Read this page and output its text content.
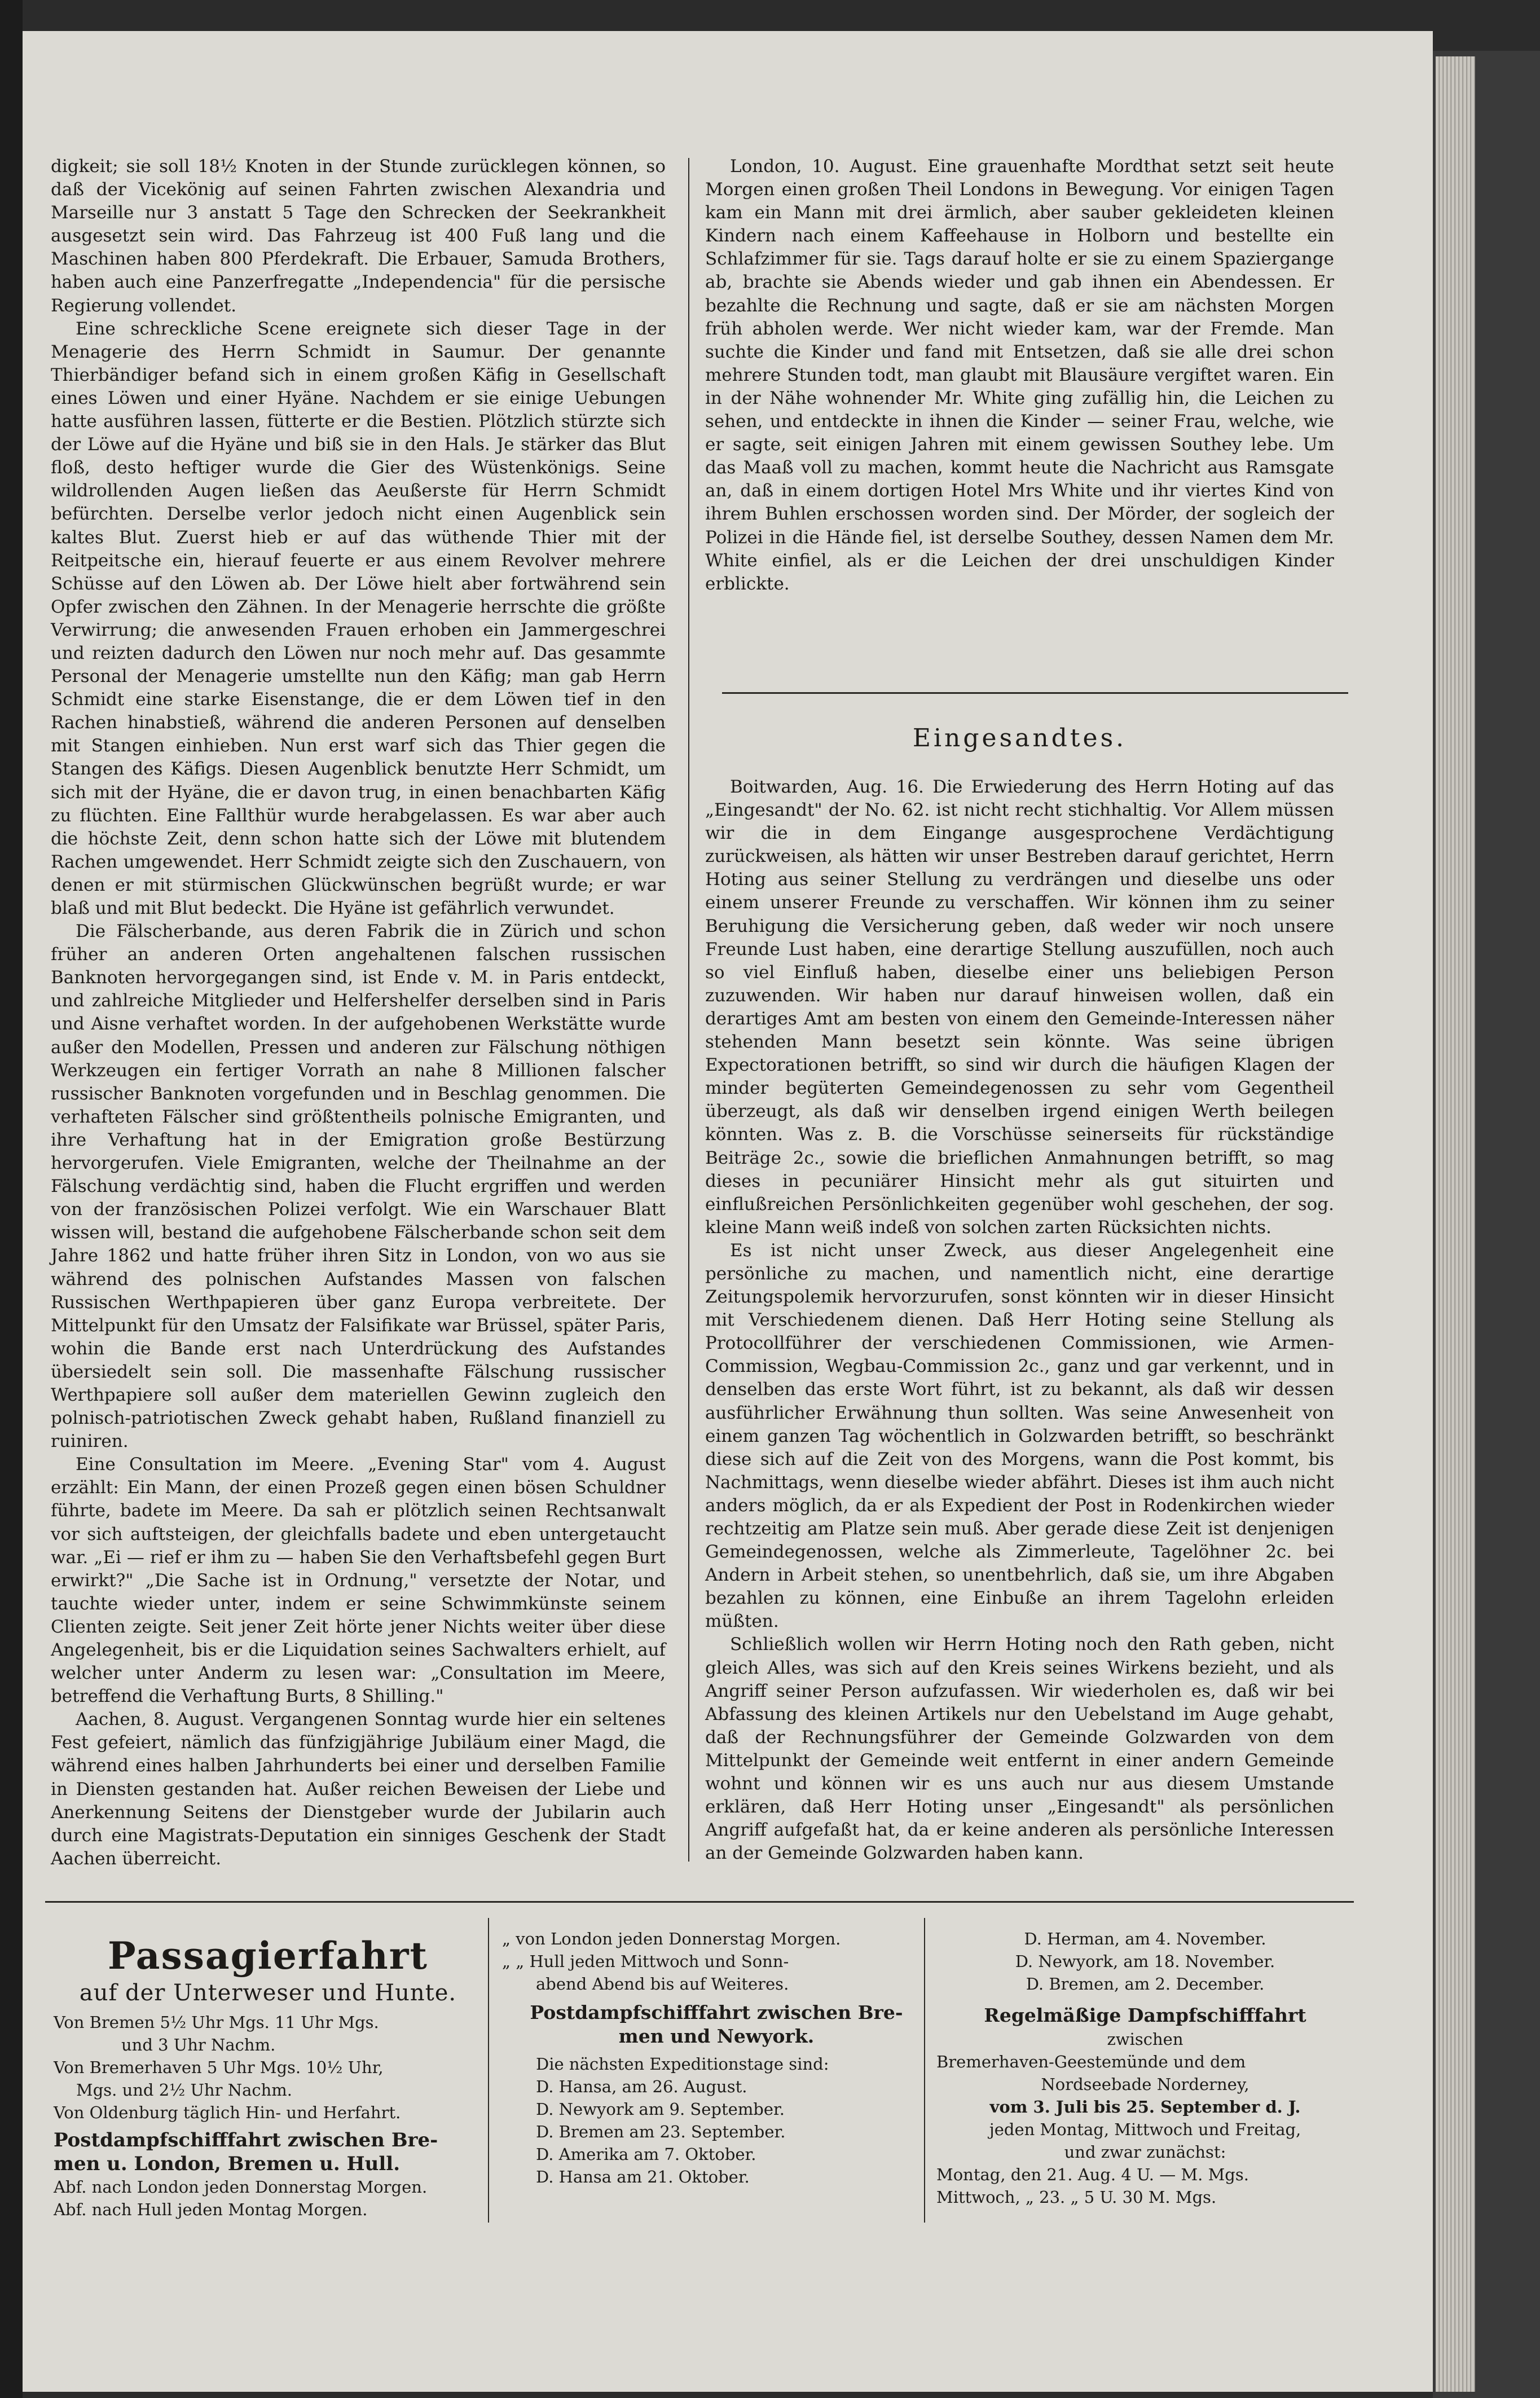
digkeit; sie soll 18½ Knoten in der Stunde zurücklegen können, so daß der Vicekönig auf seinen Fahrten zwischen Alexandria und Marseille nur 3 anstatt 5 Tage den Schrecken der Seekrankheit ausgesetzt sein wird. Das Fahrzeug ist 400 Fuß lang und die Maschinen haben 800 Pferdekraft. Die Erbauer, Samuda Brothers, haben auch eine Panzerfregatte „Independencia" für die persische Regierung vollendet.

Eine schreckliche Scene ereignete sich dieser Tage in der Menagerie des Herrn Schmidt in Saumur. Der genannte Thierbändiger befand sich in einem großen Käfig in Gesellschaft eines Löwen und einer Hyäne. Nachdem er sie einige Uebungen hatte ausführen lassen, fütterte er die Bestien. Plötzlich stürzte sich der Löwe auf die Hyäne und biß sie in den Hals. Je stärker das Blut floß, desto heftiger wurde die Gier des Wüstenkönigs. Seine wildrollenden Augen ließen das Aeußerste für Herrn Schmidt befürchten. Derselbe verlor jedoch nicht einen Augenblick sein kaltes Blut. Zuerst hieb er auf das wüthende Thier mit der Reitpeitsche ein, hierauf feuerte er aus einem Revolver mehrere Schüsse auf den Löwen ab. Der Löwe hielt aber fortwährend sein Opfer zwischen den Zähnen. In der Menagerie herrschte die größte Verwirrung; die anwesenden Frauen erhoben ein Jammergeschrei und reizten dadurch den Löwen nur noch mehr auf. Das gesammte Personal der Menagerie umstellte nun den Käfig; man gab Herrn Schmidt eine starke Eisenstange, die er dem Löwen tief in den Rachen hinabstieß, während die anderen Personen auf denselben mit Stangen einhieben. Nun erst warf sich das Thier gegen die Stangen des Käfigs. Diesen Augenblick benutzte Herr Schmidt, um sich mit der Hyäne, die er davon trug, in einen benachbarten Käfig zu flüchten. Eine Fallthür wurde herabgelassen. Es war aber auch die höchste Zeit, denn schon hatte sich der Löwe mit blutendem Rachen umgewendet. Herr Schmidt zeigte sich den Zuschauern, von denen er mit stürmischen Glückwünschen begrüßt wurde; er war blaß und mit Blut bedeckt. Die Hyäne ist gefährlich verwundet.

Die Fälscherbande, aus deren Fabrik die in Zürich und schon früher an anderen Orten angehaltenen falschen russischen Banknoten hervorgegangen sind, ist Ende v. M. in Paris entdeckt, und zahlreiche Mitglieder und Helfershelfer derselben sind in Paris und Aisne verhaftet worden. In der aufgehobenen Werkstätte wurde außer den Modellen, Pressen und anderen zur Fälschung nöthigen Werkzeugen ein fertiger Vorrath an nahe 8 Millionen falscher russischer Banknoten vorgefunden und in Beschlag genommen. Die verhafteten Fälscher sind größtentheils polnische Emigranten, und ihre Verhaftung hat in der Emigration große Bestürzung hervorgerufen. Viele Emigranten, welche der Theilnahme an der Fälschung verdächtig sind, haben die Flucht ergriffen und werden von der französischen Polizei verfolgt. Wie ein Warschauer Blatt wissen will, bestand die aufgehobene Fälscherbande schon seit dem Jahre 1862 und hatte früher ihren Sitz in London, von wo aus sie während des polnischen Aufstandes Massen von falschen Russischen Werthpapieren über ganz Europa verbreitete. Der Mittelpunkt für den Umsatz der Falsifikate war Brüssel, später Paris, wohin die Bande erst nach Unterdrückung des Aufstandes übersiedelt sein soll. Die massenhafte Fälschung russischer Werthpapiere soll außer dem materiellen Gewinn zugleich den polnisch-patriotischen Zweck gehabt haben, Rußland finanziell zu ruiniren.

Eine Consultation im Meere. „Evening Star" vom 4. August erzählt: Ein Mann, der einen Prozeß gegen einen bösen Schuldner führte, badete im Meere. Da sah er plötzlich seinen Rechtsanwalt vor sich auftsteigen, der gleichfalls badete und eben untergetaucht war. „Ei — rief er ihm zu — haben Sie den Verhaftsbefehl gegen Burt erwirkt?" „Die Sache ist in Ordnung," versetzte der Notar, und tauchte wieder unter, indem er seine Schwimmkünste seinem Clienten zeigte. Seit jener Zeit hörte jener Nichts weiter über diese Angelegenheit, bis er die Liquidation seines Sachwalters erhielt, auf welcher unter Anderm zu lesen war: „Consultation im Meere, betreffend die Verhaftung Burts, 8 Shilling."

Aachen, 8. August. Vergangenen Sonntag wurde hier ein seltenes Fest gefeiert, nämlich das fünfzigjährige Jubiläum einer Magd, die während eines halben Jahrhunderts bei einer und derselben Familie in Diensten gestanden hat. Außer reichen Beweisen der Liebe und Anerkennung Seitens der Dienstgeber wurde der Jubilarin auch durch eine Magistrats-Deputation ein sinniges Geschenk der Stadt Aachen überreicht.

London, 10. August. Eine grauenhafte Mordthat setzt seit heute Morgen einen großen Theil Londons in Bewegung. Vor einigen Tagen kam ein Mann mit drei ärmlich, aber sauber gekleideten kleinen Kindern nach einem Kaffeehause in Holborn und bestellte ein Schlafzimmer für sie. Tags darauf holte er sie zu einem Spaziergange ab, brachte sie Abends wieder und gab ihnen ein Abendessen. Er bezahlte die Rechnung und sagte, daß er sie am nächsten Morgen früh abholen werde. Wer nicht wieder kam, war der Fremde. Man suchte die Kinder und fand mit Entsetzen, daß sie alle drei schon mehrere Stunden todt, man glaubt mit Blausäure vergiftet waren. Ein in der Nähe wohnender Mr. White ging zufällig hin, die Leichen zu sehen, und entdeckte in ihnen die Kinder — seiner Frau, welche, wie er sagte, seit einigen Jahren mit einem gewissen Southey lebe. Um das Maaß voll zu machen, kommt heute die Nachricht aus Ramsgate an, daß in einem dortigen Hotel Mrs White und ihr viertes Kind von ihrem Buhlen erschossen worden sind. Der Mörder, der sogleich der Polizei in die Hände fiel, ist derselbe Southey, dessen Namen dem Mr. White einfiel, als er die Leichen der drei unschuldigen Kinder erblickte.

Eingesandtes.

Boitwarden, Aug. 16. Die Erwiederung des Herrn Hoting auf das „Eingesandt" der No. 62. ist nicht recht stichhaltig. Vor Allem müssen wir die in dem Eingange ausgesprochene Verdächtigung zurückweisen, als hätten wir unser Bestreben darauf gerichtet, Herrn Hoting aus seiner Stellung zu verdrängen und dieselbe uns oder einem unserer Freunde zu verschaffen. Wir können ihm zu seiner Beruhigung die Versicherung geben, daß weder wir noch unsere Freunde Lust haben, eine derartige Stellung auszufüllen, noch auch so viel Einfluß haben, dieselbe einer uns beliebigen Person zuzuwenden. Wir haben nur darauf hinweisen wollen, daß ein derartiges Amt am besten von einem den Gemeinde-Interessen näher stehenden Mann besetzt sein könnte. Was seine übrigen Expectorationen betrifft, so sind wir durch die häufigen Klagen der minder begüterten Gemeindegenossen zu sehr vom Gegentheil überzeugt, als daß wir denselben irgend einigen Werth beilegen könnten. Was z. B. die Vorschüsse seinerseits für rückständige Beiträge 2c., sowie die brieflichen Anmahnungen betrifft, so mag dieses in pecuniärer Hinsicht mehr als gut situirten und einflußreichen Persönlichkeiten gegenüber wohl geschehen, der sog. kleine Mann weiß indeß von solchen zarten Rücksichten nichts.

Es ist nicht unser Zweck, aus dieser Angelegenheit eine persönliche zu machen, und namentlich nicht, eine derartige Zeitungspolemik hervorzurufen, sonst könnten wir in dieser Hinsicht mit Verschiedenem dienen. Daß Herr Hoting seine Stellung als Protocollführer der verschiedenen Commissionen, wie Armen-Commission, Wegbau-Commission 2c., ganz und gar verkennt, und in denselben das erste Wort führt, ist zu bekannt, als daß wir dessen ausführlicher Erwähnung thun sollten. Was seine Anwesenheit von einem ganzen Tag wöchentlich in Golzwarden betrifft, so beschränkt diese sich auf die Zeit von des Morgens, wann die Post kommt, bis Nachmittags, wenn dieselbe wieder abfährt. Dieses ist ihm auch nicht anders möglich, da er als Expedient der Post in Rodenkirchen wieder rechtzeitig am Platze sein muß. Aber gerade diese Zeit ist denjenigen Gemeindegenossen, welche als Zimmerleute, Tagelöhner 2c. bei Andern in Arbeit stehen, so unentbehrlich, daß sie, um ihre Abgaben bezahlen zu können, eine Einbuße an ihrem Tagelohn erleiden müßten.

Schließlich wollen wir Herrn Hoting noch den Rath geben, nicht gleich Alles, was sich auf den Kreis seines Wirkens bezieht, und als Angriff seiner Person aufzufassen. Wir wiederholen es, daß wir bei Abfassung des kleinen Artikels nur den Uebelstand im Auge gehabt, daß der Rechnungsführer der Gemeinde Golzwarden von dem Mittelpunkt der Gemeinde weit entfernt in einer andern Gemeinde wohnt und können wir es uns auch nur aus diesem Umstande erklären, daß Herr Hoting unser „Eingesandt" als persönlichen Angriff aufgefaßt hat, da er keine anderen als persönliche Interessen an der Gemeinde Golzwarden haben kann.

Passagierfahrt
auf der Unterweser und Hunte.
Von Bremen 5½ Uhr Mgs. 11 Uhr Mgs.
und 3 Uhr Nachm.
Von Bremerhaven 5 Uhr Mgs. 10½ Uhr,
Mgs. und 2½ Uhr Nachm.
Von Oldenburg täglich Hin- und Herfahrt.
Postdampfschifffahrt zwischen Bre-
men u. London, Bremen u. Hull.
Abf. nach London jeden Donnerstag Morgen.
Abf. nach Hull jeden Montag Morgen.
„ von London jeden Donnerstag Morgen.
„ „ Hull jeden Mittwoch und Sonn-
abend Abend bis auf Weiteres.
Postdampfschifffahrt zwischen Bre-
men und Newyork.
Die nächsten Expeditionstage sind:
D. Hansa, am 26. August.
D. Newyork am 9. September.
D. Bremen am 23. September.
D. Amerika am 7. Oktober.
D. Hansa am 21. Oktober.
D. Herman, am 4. November.
D. Newyork, am 18. November.
D. Bremen, am 2. December.
Regelmäßige Dampfschifffahrt
zwischen
Bremerhaven-Geestemünde und dem
Nordseebade Norderney,
vom 3. Juli bis 25. September d. J.
jeden Montag, Mittwoch und Freitag,
und zwar zunächst:
Montag, den 21. Aug. 4 U. — M. Mgs.
Mittwoch, „ 23. „ 5 U. 30 M. Mgs.
